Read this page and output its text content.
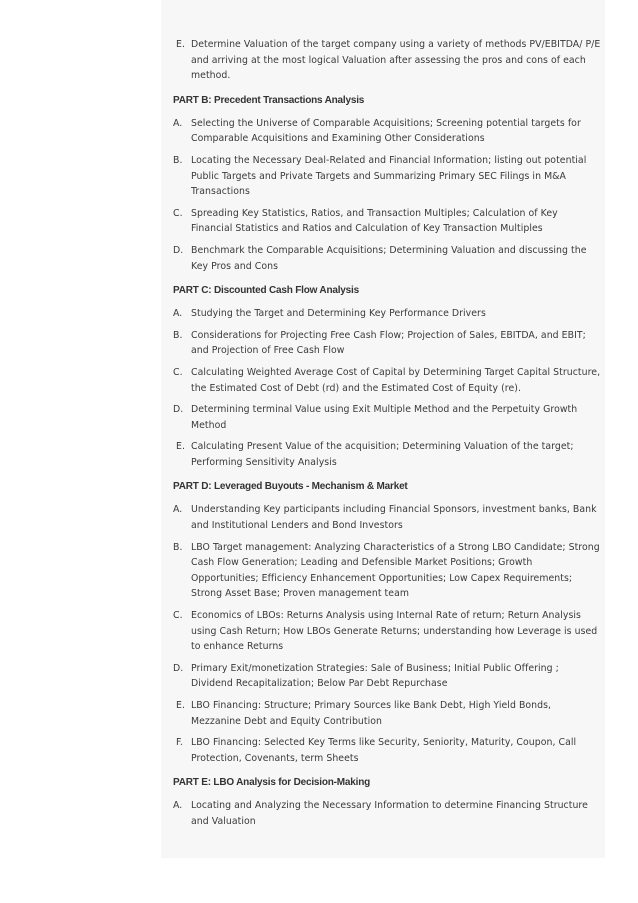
E. Determine Valuation of the target company using a variety of methods PV/EBITDA/ P/E and arriving at the most logical Valuation after assessing the pros and cons of each method.
PART B: Precedent Transactions Analysis
A. Selecting the Universe of Comparable Acquisitions; Screening potential targets for Comparable Acquisitions and Examining Other Considerations
B. Locating the Necessary Deal-Related and Financial Information; listing out potential Public Targets and Private Targets and Summarizing Primary SEC Filings in M&A Transactions
C. Spreading Key Statistics, Ratios, and Transaction Multiples; Calculation of Key Financial Statistics and Ratios and Calculation of Key Transaction Multiples
D. Benchmark the Comparable Acquisitions; Determining Valuation and discussing the Key Pros and Cons
PART C: Discounted Cash Flow Analysis
A. Studying the Target and Determining Key Performance Drivers
B. Considerations for Projecting Free Cash Flow; Projection of Sales, EBITDA, and EBIT; and Projection of Free Cash Flow
C. Calculating Weighted Average Cost of Capital by Determining Target Capital Structure, the Estimated Cost of Debt (rd) and the Estimated Cost of Equity (re).
D. Determining terminal Value using Exit Multiple Method and the Perpetuity Growth Method
E. Calculating Present Value of the acquisition; Determining Valuation of the target; Performing Sensitivity Analysis
PART D: Leveraged Buyouts - Mechanism & Market
A. Understanding Key participants including Financial Sponsors, investment banks, Bank and Institutional Lenders and Bond Investors
B. LBO Target management: Analyzing Characteristics of a Strong LBO Candidate; Strong Cash Flow Generation; Leading and Defensible Market Positions; Growth Opportunities; Efficiency Enhancement Opportunities; Low Capex Requirements; Strong Asset Base; Proven management team
C. Economics of LBOs: Returns Analysis using Internal Rate of return; Return Analysis using Cash Return; How LBOs Generate Returns; understanding how Leverage is used to enhance Returns
D. Primary Exit/monetization Strategies: Sale of Business; Initial Public Offering ; Dividend Recapitalization; Below Par Debt Repurchase
E. LBO Financing: Structure; Primary Sources like Bank Debt, High Yield Bonds, Mezzanine Debt and Equity Contribution
F. LBO Financing: Selected Key Terms like Security, Seniority, Maturity, Coupon, Call Protection, Covenants, term Sheets
PART E: LBO Analysis for Decision-Making
A. Locating and Analyzing the Necessary Information to determine Financing Structure and Valuation
